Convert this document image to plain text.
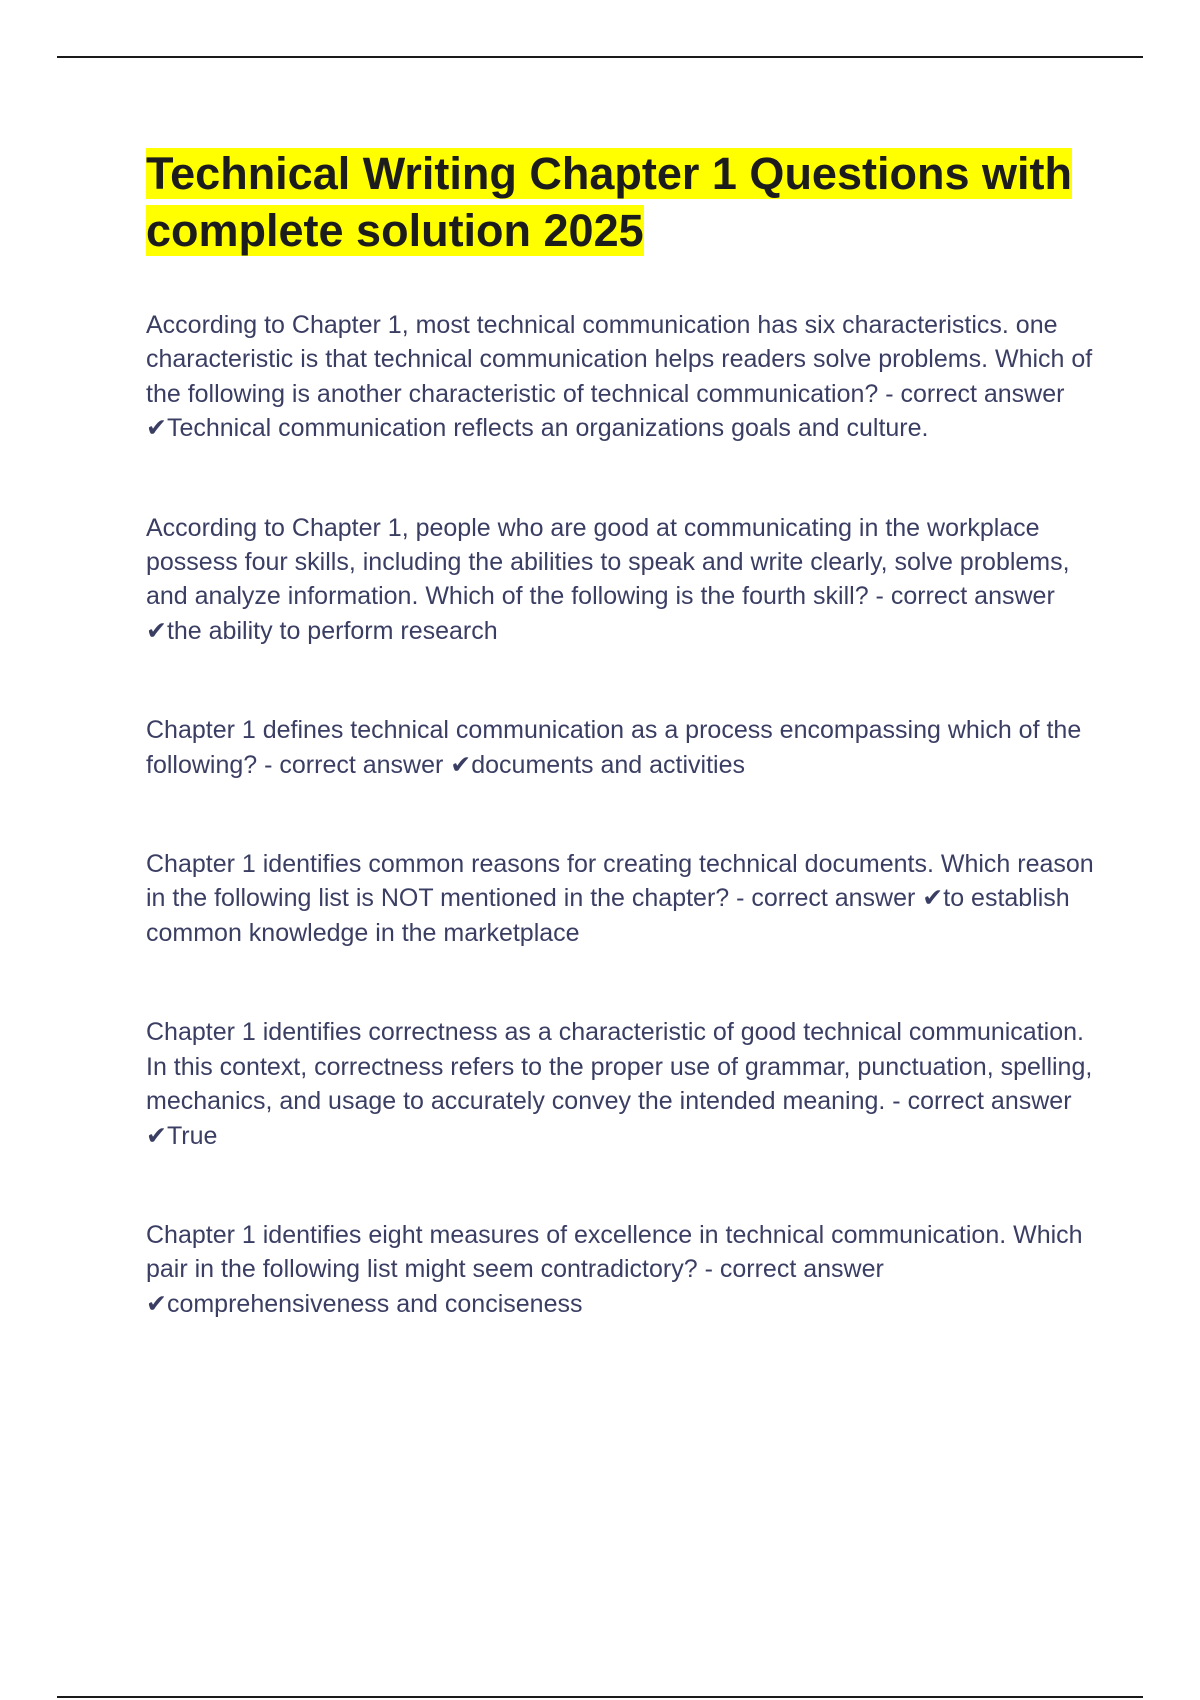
Technical Writing Chapter 1 Questions with complete solution 2025

According to Chapter 1, most technical communication has six characteristics. one characteristic is that technical communication helps readers solve problems. Which of the following is another characteristic of technical communication? - correct answer ✔Technical communication reflects an organizations goals and culture.

According to Chapter 1, people who are good at communicating in the workplace possess four skills, including the abilities to speak and write clearly, solve problems, and analyze information. Which of the following is the fourth skill? - correct answer ✔the ability to perform research

Chapter 1 defines technical communication as a process encompassing which of the following? - correct answer ✔documents and activities

Chapter 1 identifies common reasons for creating technical documents. Which reason in the following list is NOT mentioned in the chapter? - correct answer ✔to establish common knowledge in the marketplace

Chapter 1 identifies correctness as a characteristic of good technical communication. In this context, correctness refers to the proper use of grammar, punctuation, spelling, mechanics, and usage to accurately convey the intended meaning. - correct answer ✔True

Chapter 1 identifies eight measures of excellence in technical communication. Which pair in the following list might seem contradictory? - correct answer ✔comprehensiveness and conciseness
